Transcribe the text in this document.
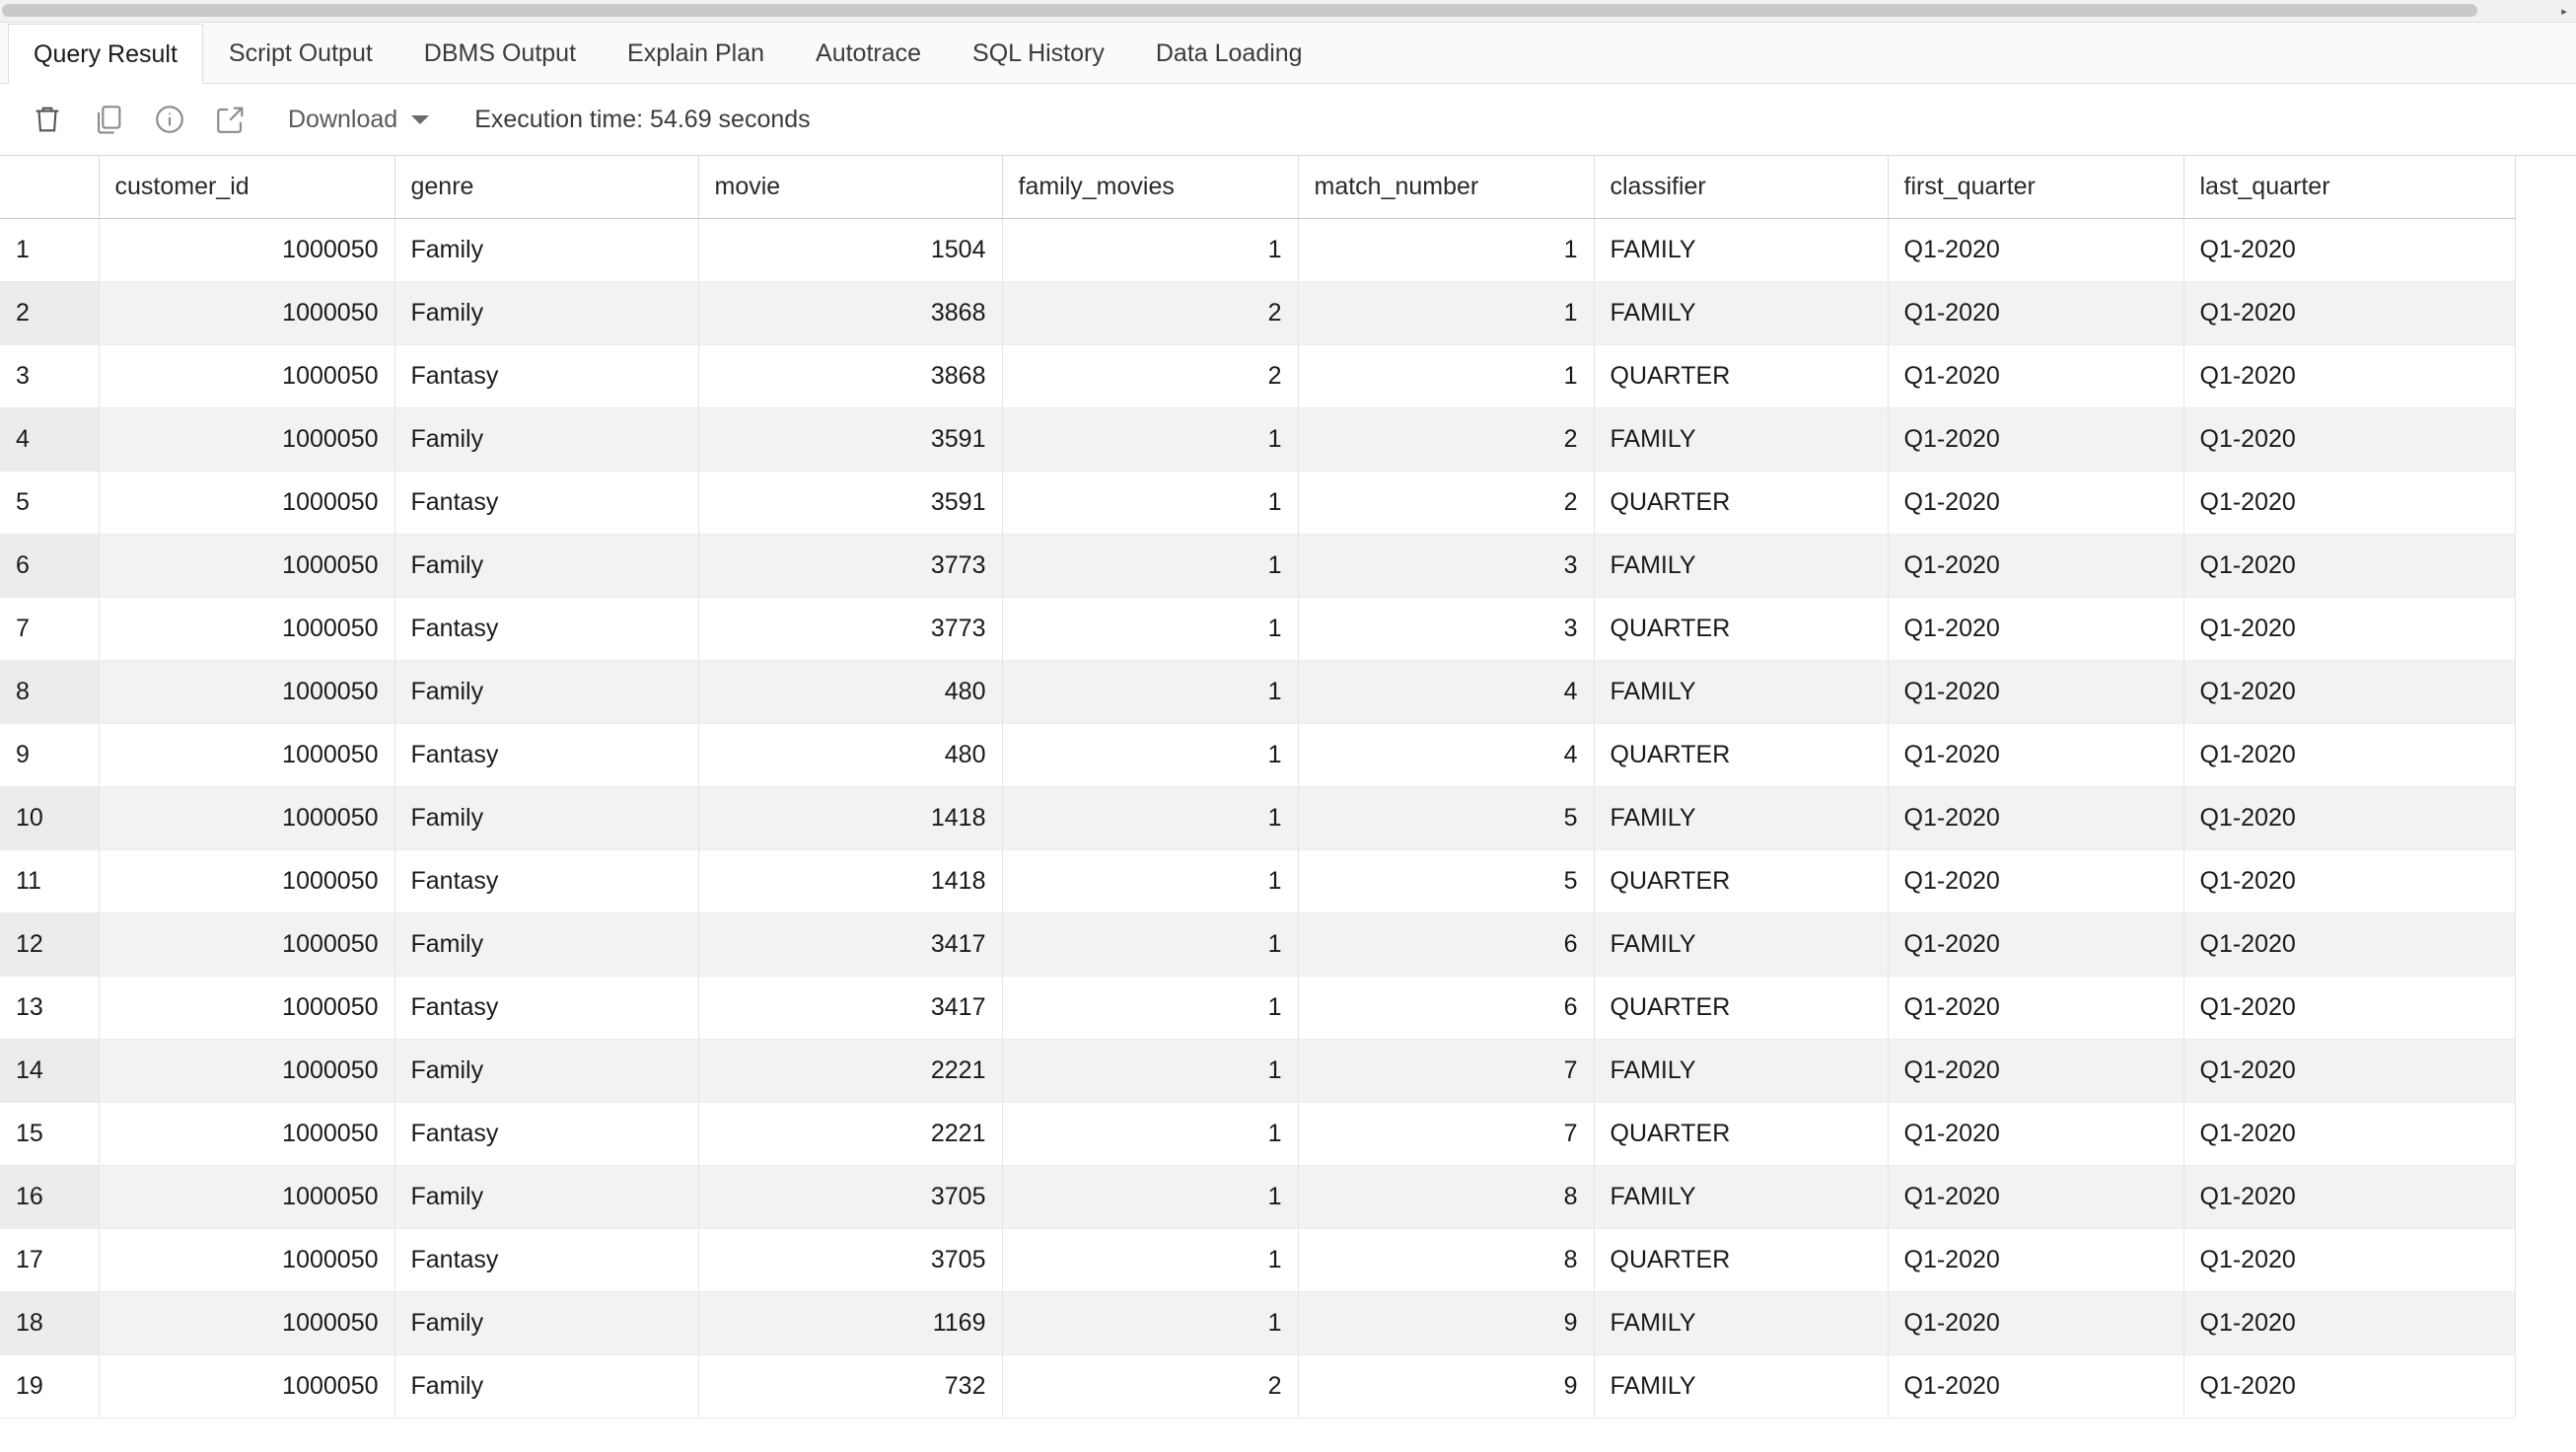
▸
Query Result	Script Output	DBMS Output	Explain Plan	Autotrace	SQL History	Data Loading
Download	Execution time: 54.69 seconds
	customer_id	genre	movie	family_movies	match_number	classifier	first_quarter	last_quarter
1	1000050	Family	1504	1	1	FAMILY	Q1-2020	Q1-2020
2	1000050	Family	3868	2	1	FAMILY	Q1-2020	Q1-2020
3	1000050	Fantasy	3868	2	1	QUARTER	Q1-2020	Q1-2020
4	1000050	Family	3591	1	2	FAMILY	Q1-2020	Q1-2020
5	1000050	Fantasy	3591	1	2	QUARTER	Q1-2020	Q1-2020
6	1000050	Family	3773	1	3	FAMILY	Q1-2020	Q1-2020
7	1000050	Fantasy	3773	1	3	QUARTER	Q1-2020	Q1-2020
8	1000050	Family	480	1	4	FAMILY	Q1-2020	Q1-2020
9	1000050	Fantasy	480	1	4	QUARTER	Q1-2020	Q1-2020
10	1000050	Family	1418	1	5	FAMILY	Q1-2020	Q1-2020
11	1000050	Fantasy	1418	1	5	QUARTER	Q1-2020	Q1-2020
12	1000050	Family	3417	1	6	FAMILY	Q1-2020	Q1-2020
13	1000050	Fantasy	3417	1	6	QUARTER	Q1-2020	Q1-2020
14	1000050	Family	2221	1	7	FAMILY	Q1-2020	Q1-2020
15	1000050	Fantasy	2221	1	7	QUARTER	Q1-2020	Q1-2020
16	1000050	Family	3705	1	8	FAMILY	Q1-2020	Q1-2020
17	1000050	Fantasy	3705	1	8	QUARTER	Q1-2020	Q1-2020
18	1000050	Family	1169	1	9	FAMILY	Q1-2020	Q1-2020
19	1000050	Family	732	2	9	FAMILY	Q1-2020	Q1-2020
